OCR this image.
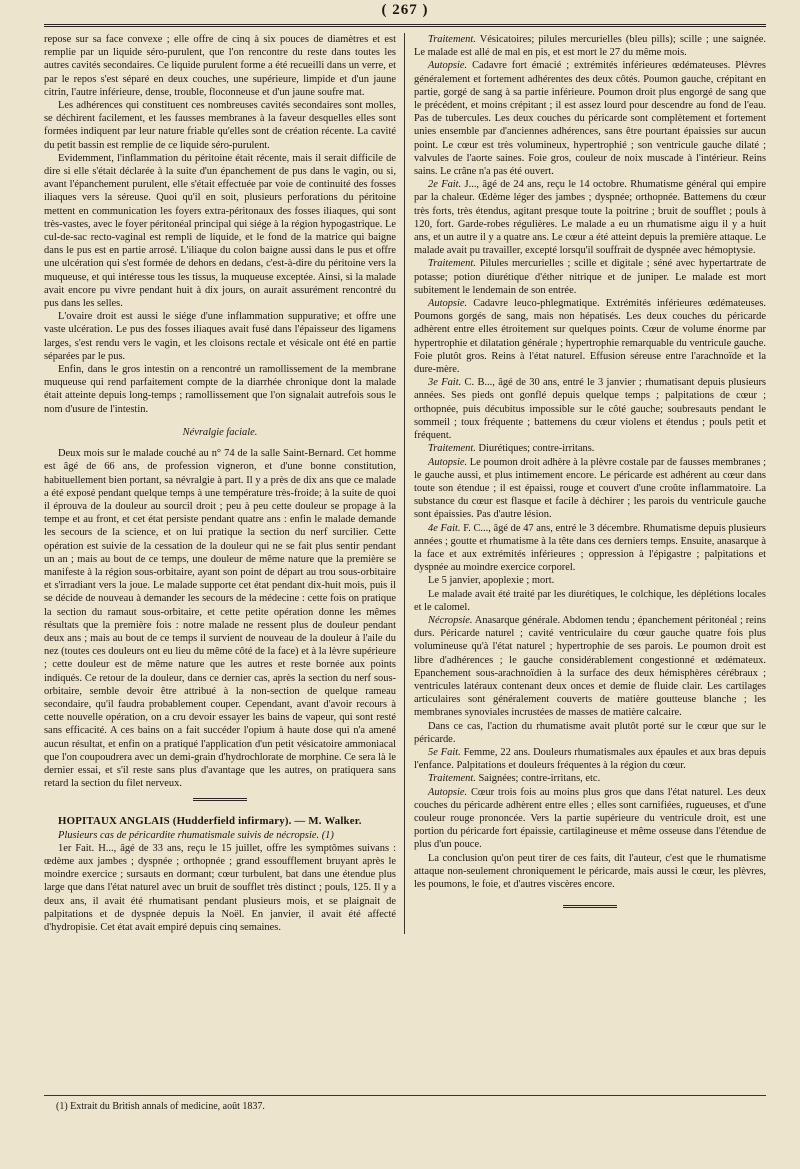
( 267 )

repose sur sa face convexe ; elle offre de cinq à six pouces de diamètres et est remplie par un liquide séro-purulent, que l'on rencontre du reste dans toutes les autres cavités secondaires. Ce liquide purulent forme a été recueilli dans un verre, et par le repos s'est séparé en deux couches, une supérieure, limpide et d'un jaune citrin, l'autre inférieure, dense, trouble, floconneuse et d'un jaune soufre mat.

Les adhérences qui constituent ces nombreuses cavités secondaires sont molles, se déchirent facilement, et les fausses membranes à la faveur desquelles elles sont formées indiquent par leur nature friable qu'elles sont de création récente. La cavité du petit bassin est remplie de ce liquide séro-purulent.

Evidemment, l'inflammation du péritoine était récente, mais il serait difficile de dire si elle s'était déclarée à la suite d'un épanchement de pus dans le vagin, ou si, avant l'épanchement purulent, elle s'était effectuée par voie de continuité des fosses iliaques vers la séreuse. Quoi qu'il en soit, plusieurs perforations du péritoine mettent en communication les foyers extra-péritonaux des fosses iliaques, qui sont très-vastes, avec le foyer péritonéal principal qui siége à la région hypogastrique. Le cul-de-sac recto-vaginal est rempli de liquide, et le fond de la matrice qui baigne dans le pus est en partie arrosé. L'iliaque du colon baigne aussi dans le pus et offre une ulcération qui s'est formée de dehors en dedans, c'est-à-dire du péritoine vers la muqueuse, et qui intéresse tous les tissus, la muqueuse exceptée. Ainsi, si la malade avait encore pu vivre pendant huit à dix jours, on aurait assurément rencontré du pus dans les selles.

L'ovaire droit est aussi le siége d'une inflammation suppurative; et offre une vaste ulcération. Le pus des fosses iliaques avait fusé dans l'épaisseur des ligamens larges, s'est rendu vers le vagin, et les cloisons rectale et vésicale ont été en partie séparées par le pus.

Enfin, dans le gros intestin on a rencontré un ramollissement de la membrane muqueuse qui rend parfaitement compte de la diarrhée chronique dont la malade était atteinte depuis long-temps ; ramollissement que l'on signalait autrefois sous le nom d'usure de l'intestin.

Névralgie faciale.

Deux mois sur le malade couché au n° 74 de la salle Saint-Bernard. Cet homme est âgé de 66 ans, de profession vigneron, et d'une bonne constitution, habituellement bien portant, sa névralgie à part. Il y a près de dix ans que ce malade a été exposé pendant quelque temps à une température très-froide; à la suite de quoi il éprouva de la douleur au sourcil droit ; peu à peu cette douleur se propage à la tempe et au front, et cet état persiste pendant quatre ans : enfin le malade demande les secours de la science, et on lui pratique la section du nerf surcilier. Cette opération est suivie de la cessation de la douleur qui ne se fait plus sentir pendant un an ; mais au bout de ce temps, une douleur de même nature que la première se manifeste à la région sous-orbitaire, ayant son point de départ au trou sous-orbitaire et s'irradiant vers la joue. Le malade supporte cet état pendant dix-huit mois, puis il se décide de nouveau à demander les secours de la médecine : cette fois on pratique la section du ramaut sous-orbitaire, et cette petite opération donne les mêmes résultats que la première fois : notre malade ne ressent plus de douleur pendant deux ans ; mais au bout de ce temps il survient de nouveau de la douleur à l'aile du nez (toutes ces douleurs ont eu lieu du même côté de la face) et à la lèvre supérieure ; cette douleur est de même nature que les autres et reste bornée aux points indiqués. Ce retour de la douleur, dans ce dernier cas, après la section du nerf sous-orbitaire, semble devoir être attribué à la non-section de quelque rameau secondaire, qu'il faudra probablement couper. Cependant, avant d'avoir recours à cette nouvelle opération, on a cru devoir essayer les bains de vapeur, qui sont resté sans efficacité. A ces bains on a fait succéder l'opium à haute dose qui n'a amené aucun résultat, et enfin on a pratiqué l'application d'un petit vésicatoire ammoniacal que l'on coupoudrera avec un demi-grain d'hydrochlorate de morphine. Ce sera là le dernier essai, et s'il reste sans plus d'avantage que les autres, on pratiquera sans retard la section du filet nerveux.

HOPITAUX ANGLAIS (Hudderfield infirmary). — M. Walker.

Plusieurs cas de péricardite rhumatismale suivis de nécropsie. (1)

1er Fait. H..., âgé de 33 ans, reçu le 15 juillet, offre les symptômes suivans : œdème aux jambes ; dyspnée ; orthopnée ; grand essoufflement bruyant après le moindre exercice ; sursauts en dormant; cœur turbulent, bat dans une étendue plus large que dans l'état naturel avec un bruit de soufflet très distinct ; pouls, 125. Il y a deux ans, il avait été rhumatisant pendant plusieurs mois, et se plaignait de palpitations et de dyspnée depuis la Noël. En janvier, il avait été affecté d'hydropisie. Cet état avait empiré depuis cinq semaines.

Traitement. Vésicatoires; pilules mercurielles (bleu pills); scille ; une saignée. Le malade est allé de mal en pis, et est mort le 27 du même mois.

Autopsie. Cadavre fort émacié ; extrémités inférieures œdémateuses. Plèvres généralement et fortement adhérentes des deux côtés. Poumon gauche, crépitant en partie, gorgé de sang à sa partie inférieure. Poumon droit plus engorgé de sang que le précédent, et moins crépitant ; il est assez lourd pour descendre au fond de l'eau. Pas de tubercules. Les deux couches du péricarde sont complètement et fortement unies ensemble par d'anciennes adhérences, sans être pourtant épaissies sur aucun point. Le cœur est très volumineux, hypertrophié ; son ventricule gauche dilaté ; valvules de l'aorte saines. Foie gros, couleur de noix muscade à l'intérieur. Reins sains. Le crâne n'a pas été ouvert.

2e Fait. J..., âgé de 24 ans, reçu le 14 octobre. Rhumatisme général qui empire par la chaleur. Œdème léger des jambes ; dyspnée; orthopnée. Battemens du cœur très forts, très étendus, agitant presque toute la poitrine ; bruit de soufflet ; pouls à 120, fort. Garde-robes régulières. Le malade a eu un rhumatisme aigu il y a huit ans, et un autre il y a quatre ans. Le cœur a été atteint depuis la première attaque. Le malade avait pu travailler, excepté lorsqu'il souffrait de dyspnée avec hémoptysie.

Traitement. Pilules mercurielles ; scille et digitale ; séné avec hypertartrate de potasse; potion diurétique d'éther nitrique et de juniper. Le malade est mort subitement le lendemain de son entrée.

Autopsie. Cadavre leuco-phlegmatique. Extrémités inférieures œdémateuses. Poumons gorgés de sang, mais non hépatisés. Les deux couches du péricarde adhèrent entre elles étroitement sur quelques points. Cœur de volume énorme par hypertrophie et dilatation générale ; hypertrophie remarquable du ventricule gauche. Foie plutôt gros. Reins à l'état naturel. Effusion séreuse entre l'arachnoïde et la dure-mère.

3e Fait. C. B..., âgé de 30 ans, entré le 3 janvier ; rhumatisant depuis plusieurs années. Ses pieds ont gonflé depuis quelque temps ; palpitations de cœur ; orthopnée, puis décubitus impossible sur le côté gauche; soubresauts pendant le sommeil ; toux fréquente ; battemens du cœur violens et étendus ; pouls petit et fréquent.

Traitement. Diurétiques; contre-irritans.

Autopsie. Le poumon droit adhère à la plèvre costale par de fausses membranes ; le gauche aussi, et plus intimement encore. Le péricarde est adhérent au cœur dans toute son étendue ; il est épaissi, rouge et couvert d'une croûte inflammatoire. La substance du cœur est flasque et facile à déchirer ; les parois du ventricule gauche sont épaissies. Pas d'autre lésion.

4e Fait. F. C..., âgé de 47 ans, entré le 3 décembre. Rhumatisme depuis plusieurs années ; goutte et rhumatisme à la tête dans ces derniers temps. Ensuite, anasarque à la face et aux extrémités inférieures ; oppression à l'épigastre ; palpitations et dyspnée au moindre exercice corporel.

Le 5 janvier, apoplexie ; mort.

Le malade avait été traité par les diurétiques, le colchique, les déplétions locales et le calomel.

Nécropsie. Anasarque générale. Abdomen tendu ; épanchement péritonéal ; reins durs. Péricarde naturel ; cavité ventriculaire du cœur gauche quatre fois plus volumineuse qu'à l'état naturel ; hypertrophie de ses parois. Le poumon droit est libre d'adhérences ; le gauche considérablement congestionné et œdémateux. Epanchement sous-arachnoïdien à la surface des deux hémisphères cérébraux ; ventricules latéraux contenant deux onces et demie de fluide clair. Les cartilages articulaires sont généralement couverts de matière goutteuse blanche ; les membranes synoviales incrustées de masses de matière calcaire.

Dans ce cas, l'action du rhumatisme avait plutôt porté sur le cœur que sur le péricarde.

5e Fait. Femme, 22 ans. Douleurs rhumatismales aux épaules et aux bras depuis l'enfance. Palpitations et douleurs fréquentes à la région du cœur.

Traitement. Saignées; contre-irritans, etc.

Autopsie. Cœur trois fois au moins plus gros que dans l'état naturel. Les deux couches du péricarde adhèrent entre elles ; elles sont carnifiées, rugueuses, et d'une couleur rouge prononcée. Vers la partie supérieure du ventricule droit, est une portion du péricarde fort épaissie, cartilagineuse et même osseuse dans l'étendue de plus d'un pouce.

La conclusion qu'on peut tirer de ces faits, dit l'auteur, c'est que le rhumatisme attaque non-seulement chroniquement le péricarde, mais aussi le cœur, les plèvres, les poumons, le foie, et d'autres viscères encore.

(1) Extrait du British annals of medicine, août 1837.
